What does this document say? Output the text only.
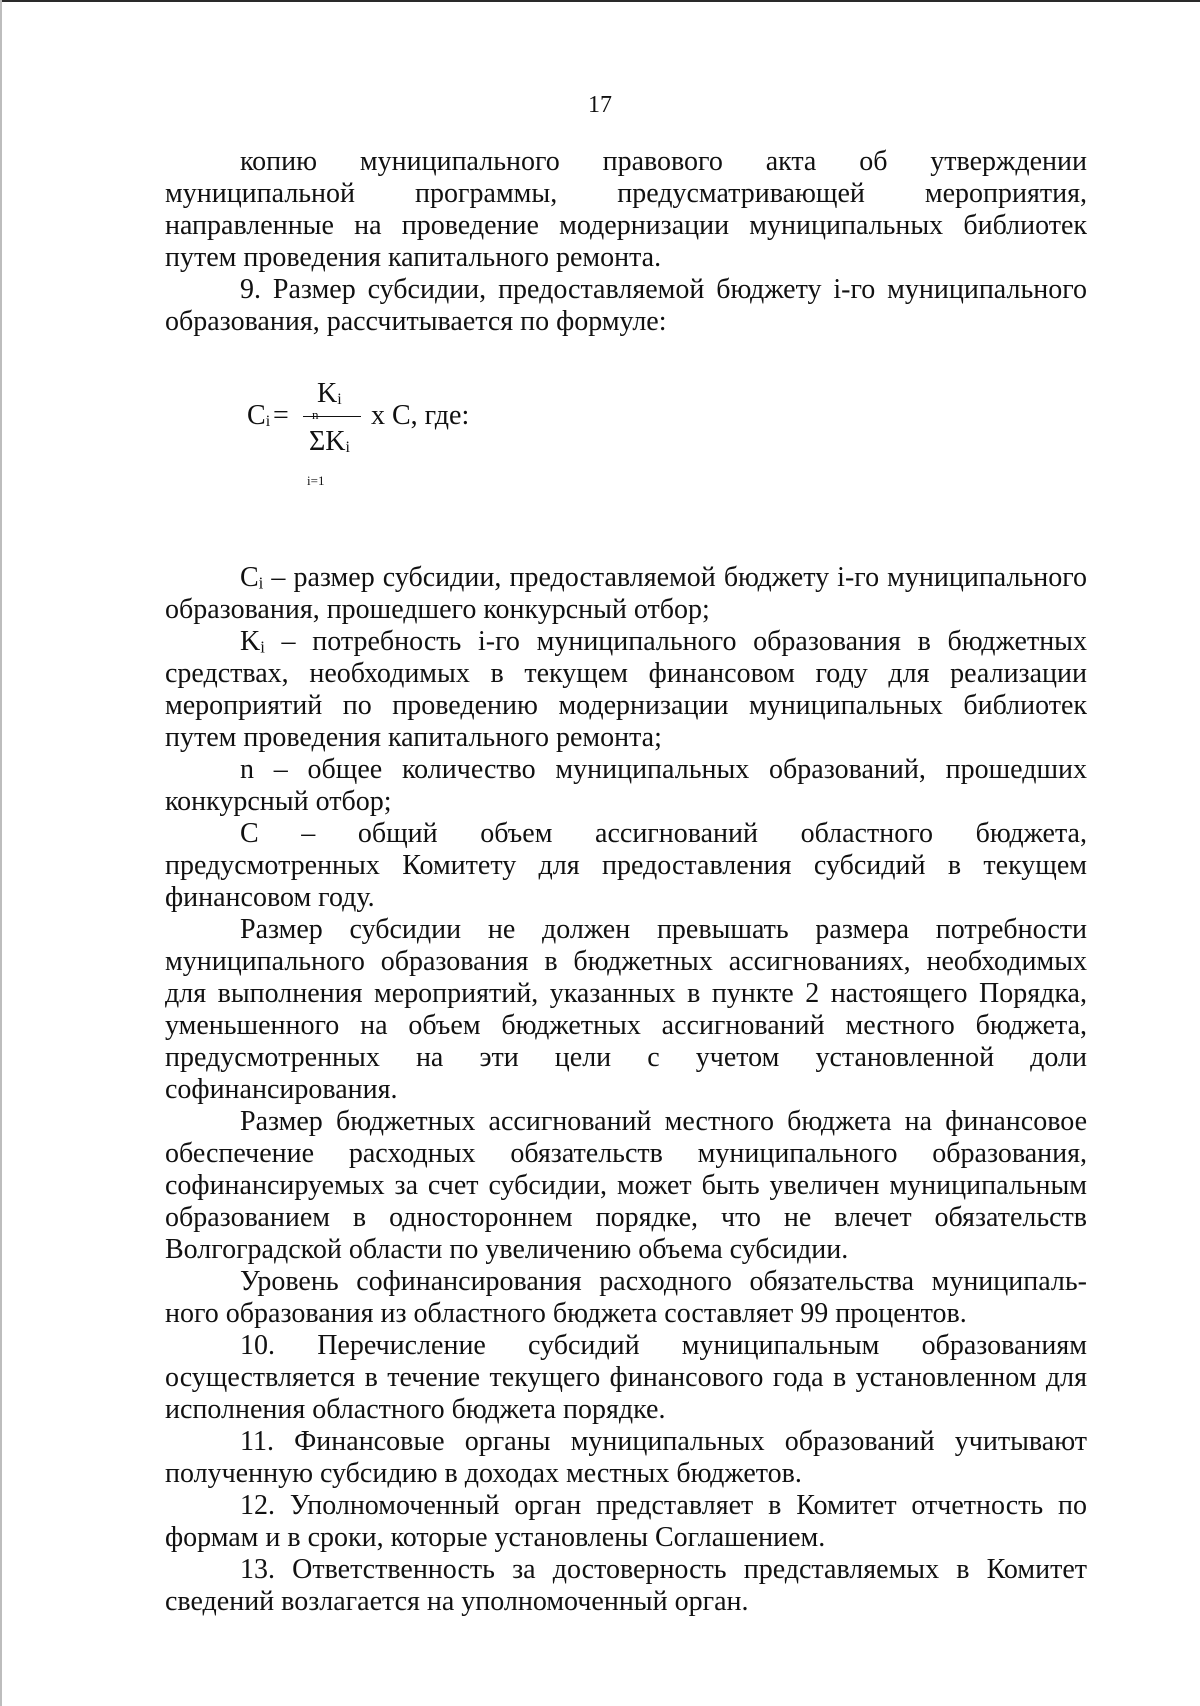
17

копию муниципального правового акта об утверждении муниципальной программы, предусматривающей мероприятия, направленные на проведение модернизации муниципальных библиотек путем проведения капитального ремонта.

9. Размер субсидии, предоставляемой бюджету i-го муниципального образования, рассчитывается по формуле:

$C_i$ =
$K_i$
n
$\Sigma K_i$
i=1
x C, где:

Cᵢ – размер субсидии, предоставляемой бюджету i-го муниципального образования, прошедшего конкурсный отбор;

Kᵢ – потребность i-го муниципального образования в бюджетных средствах, необходимых в текущем финансовом году для реализации мероприятий по проведению модернизации муниципальных библиотек путем проведения капитального ремонта;

n – общее количество муниципальных образований, прошедших конкурсный отбор;

C – общий объем ассигнований областного бюджета, предусмотренных Комитету для предоставления субсидий в текущем финансовом году.

Размер субсидии не должен превышать размера потребности муниципального образования в бюджетных ассигнованиях, необходимых для выполнения мероприятий, указанных в пункте 2 настоящего Порядка, уменьшенного на объем бюджетных ассигнований местного бюджета, предусмотренных на эти цели с учетом установленной доли софинансирования.

Размер бюджетных ассигнований местного бюджета на финансовое обеспечение расходных обязательств муниципального образования, софинансируемых за счет субсидии, может быть увеличен муниципальным образованием в одностороннем порядке, что не влечет обязательств Волгоградской области по увеличению объема субсидии.

Уровень софинансирования расходного обязательства муниципального образования из областного бюджета составляет 99 процентов.

10. Перечисление субсидий муниципальным образованиям осуществляется в течение текущего финансового года в установленном для исполнения областного бюджета порядке.

11. Финансовые органы муниципальных образований учитывают полученную субсидию в доходах местных бюджетов.

12. Уполномоченный орган представляет в Комитет отчетность по формам и в сроки, которые установлены Соглашением.

13. Ответственность за достоверность представляемых в Комитет сведений возлагается на уполномоченный орган.
